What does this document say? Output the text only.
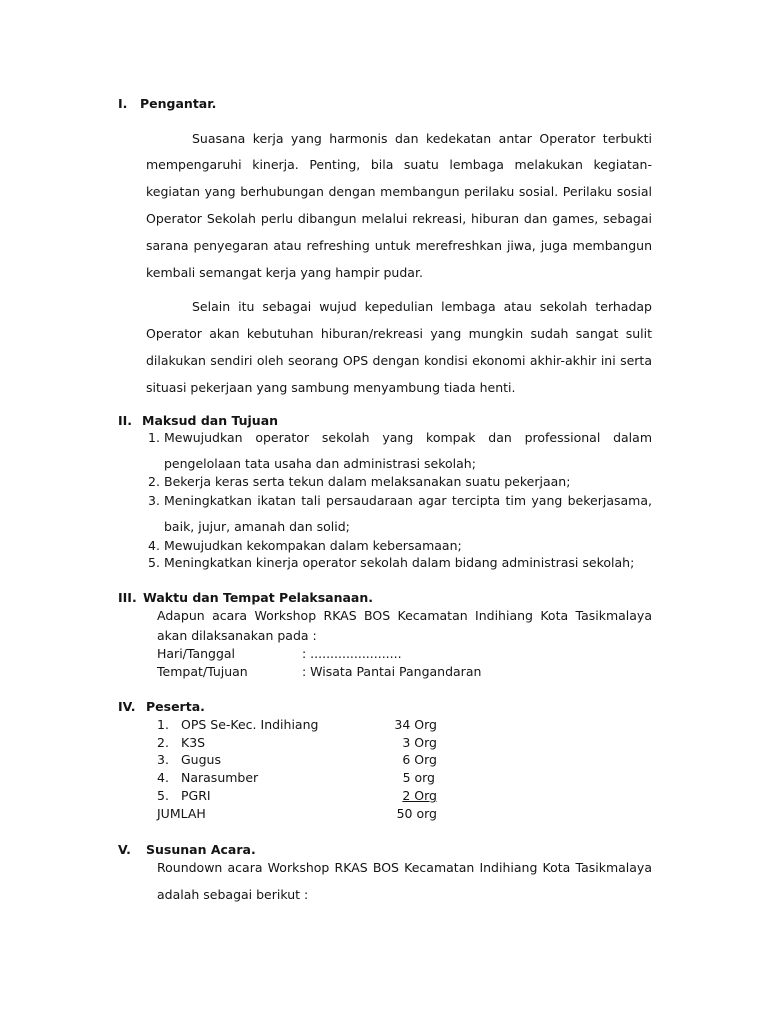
I. Pengantar.
Suasana kerja yang harmonis dan kedekatan antar Operator terbukti
mempengaruhi kinerja. Penting, bila suatu lembaga melakukan kegiatan-
kegiatan yang berhubungan dengan membangun perilaku sosial. Perilaku sosial
Operator Sekolah perlu dibangun melalui rekreasi, hiburan dan games, sebagai
sarana penyegaran atau refreshing untuk merefreshkan jiwa, juga membangun
kembali semangat kerja yang hampir pudar.
Selain itu sebagai wujud kepedulian lembaga atau sekolah terhadap
Operator akan kebutuhan hiburan/rekreasi yang mungkin sudah sangat sulit
dilakukan sendiri oleh seorang OPS dengan kondisi ekonomi akhir-akhir ini serta
situasi pekerjaan yang sambung menyambung tiada henti.
II. Maksud dan Tujuan
1. Mewujudkan operator sekolah yang kompak dan professional dalam
pengelolaan tata usaha dan administrasi sekolah;
2. Bekerja keras serta tekun dalam melaksanakan suatu pekerjaan;
3. Meningkatkan ikatan tali persaudaraan agar tercipta tim yang bekerjasama,
baik, jujur, amanah dan solid;
4. Mewujudkan kekompakan dalam kebersamaan;
5. Meningkatkan kinerja operator sekolah dalam bidang administrasi sekolah;
III. Waktu dan Tempat Pelaksanaan.
Adapun acara Workshop RKAS BOS Kecamatan Indihiang Kota Tasikmalaya
akan dilaksanakan pada :
Hari/Tanggal	: .......................
Tempat/Tujuan	: Wisata Pantai Pangandaran
IV. Peserta.
1. OPS Se-Kec. Indihiang	34 Org
2. K3S	3 Org
3. Gugus	6 Org
4. Narasumber	5 org
5. PGRI	2 Org
JUMLAH	50 org
V. Susunan Acara.
Roundown acara Workshop RKAS BOS Kecamatan Indihiang Kota Tasikmalaya
adalah sebagai berikut :
